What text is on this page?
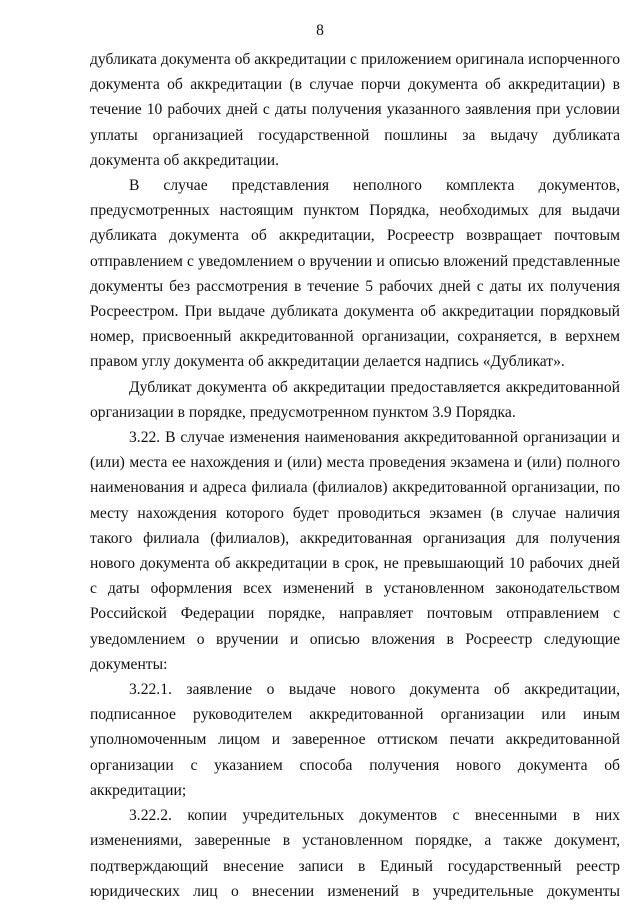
8

дубликата документа об аккредитации с приложением оригинала испорченного документа об аккредитации (в случае порчи документа об аккредитации) в течение 10 рабочих дней с даты получения указанного заявления при условии уплаты организацией государственной пошлины за выдачу дубликата документа об аккредитации.

В случае представления неполного комплекта документов, предусмотренных настоящим пунктом Порядка, необходимых для выдачи дубликата документа об аккредитации, Росреестр возвращает почтовым отправлением с уведомлением о вручении и описью вложений представленные документы без рассмотрения в течение 5 рабочих дней с даты их получения Росреестром. При выдаче дубликата документа об аккредитации порядковый номер, присвоенный аккредитованной организации, сохраняется, в верхнем правом углу документа об аккредитации делается надпись «Дубликат».

Дубликат документа об аккредитации предоставляется аккредитованной организации в порядке, предусмотренном пунктом 3.9 Порядка.

3.22. В случае изменения наименования аккредитованной организации и (или) места ее нахождения и (или) места проведения экзамена и (или) полного наименования и адреса филиала (филиалов) аккредитованной организации, по месту нахождения которого будет проводиться экзамен (в случае наличия такого филиала (филиалов), аккредитованная организация для получения нового документа об аккредитации в срок, не превышающий 10 рабочих дней с даты оформления всех изменений в установленном законодательством Российской Федерации порядке, направляет почтовым отправлением с уведомлением о вручении и описью вложения в Росреестр следующие документы:

3.22.1. заявление о выдаче нового документа об аккредитации, подписанное руководителем аккредитованной организации или иным уполномоченным лицом и заверенное оттиском печати аккредитованной организации с указанием способа получения нового документа об аккредитации;

3.22.2. копии учредительных документов с внесенными в них изменениями, заверенные в установленном порядке, а также документ, подтверждающий внесение записи в Единый государственный реестр юридических лиц о внесении изменений в учредительные документы
